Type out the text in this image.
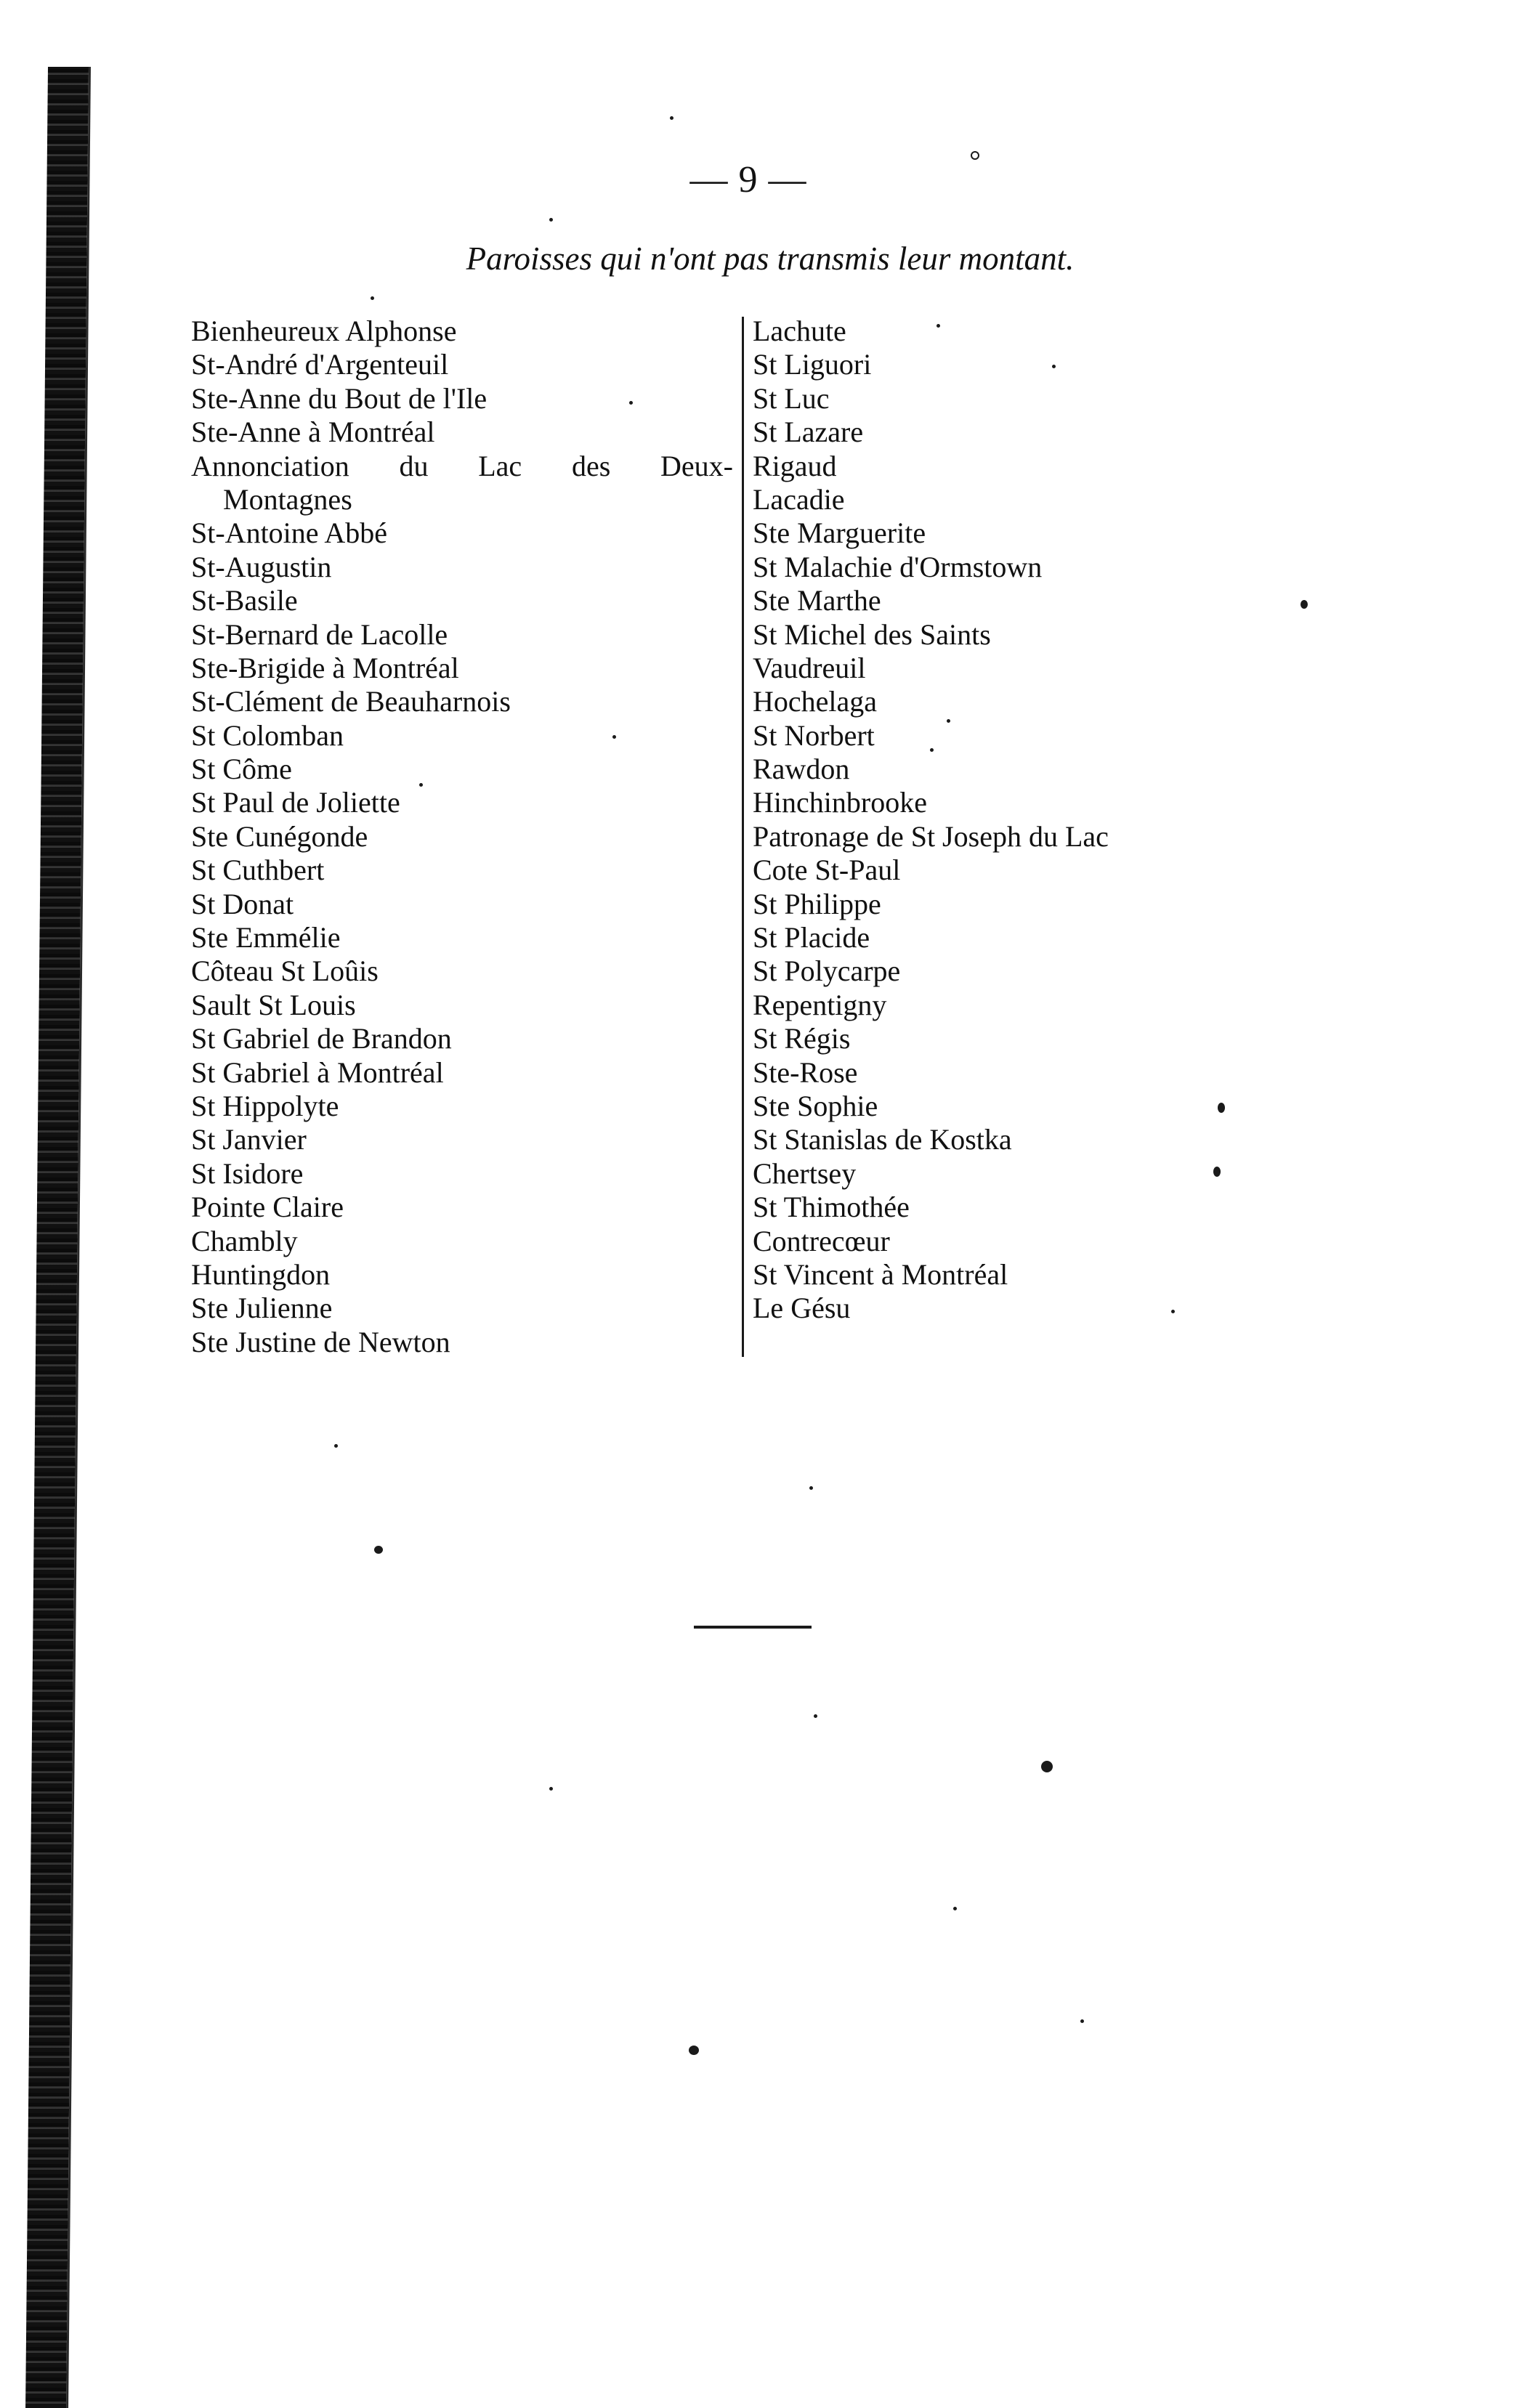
— 9 —
Paroisses qui n'ont pas transmis leur montant.
Bienheureux Alphonse
St-André d'Argenteuil
Ste-Anne du Bout de l'Ile
Ste-Anne à Montréal
Annonciation du Lac des Deux-
Montagnes
St-Antoine Abbé
St-Augustin
St-Basile
St-Bernard de Lacolle
Ste-Brigide à Montréal
St-Clément de Beauharnois
St Colomban
St Côme
St Paul de Joliette
Ste Cunégonde
St Cuthbert
St Donat
Ste Emmélie
Côteau St Loûis
Sault St Louis
St Gabriel de Brandon
St Gabriel à Montréal
St Hippolyte
St Janvier
St Isidore
Pointe Claire
Chambly
Huntingdon
Ste Julienne
Ste Justine de Newton
Lachute
St Liguori
St Luc
St Lazare
Rigaud
Lacadie
Ste Marguerite
St Malachie d'Ormstown
Ste Marthe
St Michel des Saints
Vaudreuil
Hochelaga
St Norbert
Rawdon
Hinchinbrooke
Patronage de St Joseph du Lac
Cote St-Paul
St Philippe
St Placide
St Polycarpe
Repentigny
St Régis
Ste-Rose
Ste Sophie
St Stanislas de Kostka
Chertsey
St Thimothée
Contrecœur
St Vincent à Montréal
Le Gésu
